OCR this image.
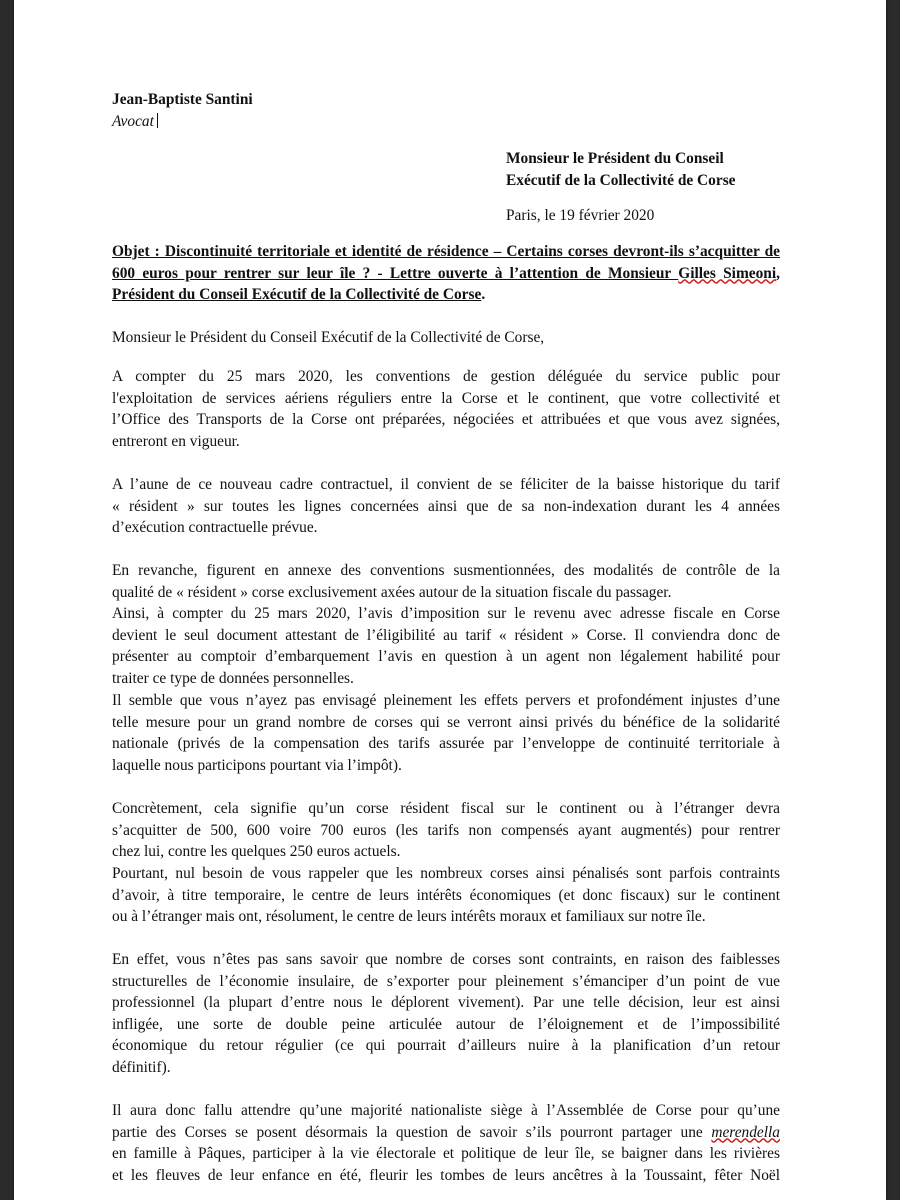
Jean-Baptiste Santini
Avocat
Monsieur le Président du Conseil
Exécutif de la Collectivité de Corse
Paris, le 19 février 2020
Objet : Discontinuité territoriale et identité de résidence – Certains corses devront-ils s’acquitter de 600 euros pour rentrer sur leur île ? - Lettre ouverte à l’attention de Monsieur Gilles Simeoni, Président du Conseil Exécutif de la Collectivité de Corse.
Monsieur le Président du Conseil Exécutif de la Collectivité de Corse,
A compter du 25 mars 2020, les conventions de gestion déléguée du service public pour
l'exploitation de services aériens réguliers entre la Corse et le continent, que votre collectivité et
l’Office des Transports de la Corse ont préparées, négociées et attribuées et que vous avez signées,
entreront en vigueur.
A l’aune de ce nouveau cadre contractuel, il convient de se féliciter de la baisse historique du tarif
« résident » sur toutes les lignes concernées ainsi que de sa non-indexation durant les 4 années
d’exécution contractuelle prévue.
En revanche, figurent en annexe des conventions susmentionnées, des modalités de contrôle de la
qualité de « résident » corse exclusivement axées autour de la situation fiscale du passager.
Ainsi, à compter du 25 mars 2020, l’avis d’imposition sur le revenu avec adresse fiscale en Corse
devient le seul document attestant de l’éligibilité au tarif « résident » Corse. Il conviendra donc de
présenter au comptoir d’embarquement l’avis en question à un agent non légalement habilité pour
traiter ce type de données personnelles.
Il semble que vous n’ayez pas envisagé pleinement les effets pervers et profondément injustes d’une
telle mesure pour un grand nombre de corses qui se verront ainsi privés du bénéfice de la solidarité
nationale (privés de la compensation des tarifs assurée par l’enveloppe de continuité territoriale à
laquelle nous participons pourtant via l’impôt).
Concrètement, cela signifie qu’un corse résident fiscal sur le continent ou à l’étranger devra
s’acquitter de 500, 600 voire 700 euros (les tarifs non compensés ayant augmentés) pour rentrer
chez lui, contre les quelques 250 euros actuels.
Pourtant, nul besoin de vous rappeler que les nombreux corses ainsi pénalisés sont parfois contraints
d’avoir, à titre temporaire, le centre de leurs intérêts économiques (et donc fiscaux) sur le continent
ou à l’étranger mais ont, résolument, le centre de leurs intérêts moraux et familiaux sur notre île.
En effet, vous n’êtes pas sans savoir que nombre de corses sont contraints, en raison des faiblesses
structurelles de l’économie insulaire, de s’exporter pour pleinement s’émanciper d’un point de vue
professionnel (la plupart d’entre nous le déplorent vivement). Par une telle décision, leur est ainsi
infligée, une sorte de double peine articulée autour de l’éloignement et de l’impossibilité
économique du retour régulier (ce qui pourrait d’ailleurs nuire à la planification d’un retour
définitif).
Il aura donc fallu attendre qu’une majorité nationaliste siège à l’Assemblée de Corse pour qu’une
partie des Corses se posent désormais la question de savoir s’ils pourront partager une merendella
en famille à Pâques, participer à la vie électorale et politique de leur île, se baigner dans les rivières
et les fleuves de leur enfance en été, fleurir les tombes de leurs ancêtres à la Toussaint, fêter Noël
